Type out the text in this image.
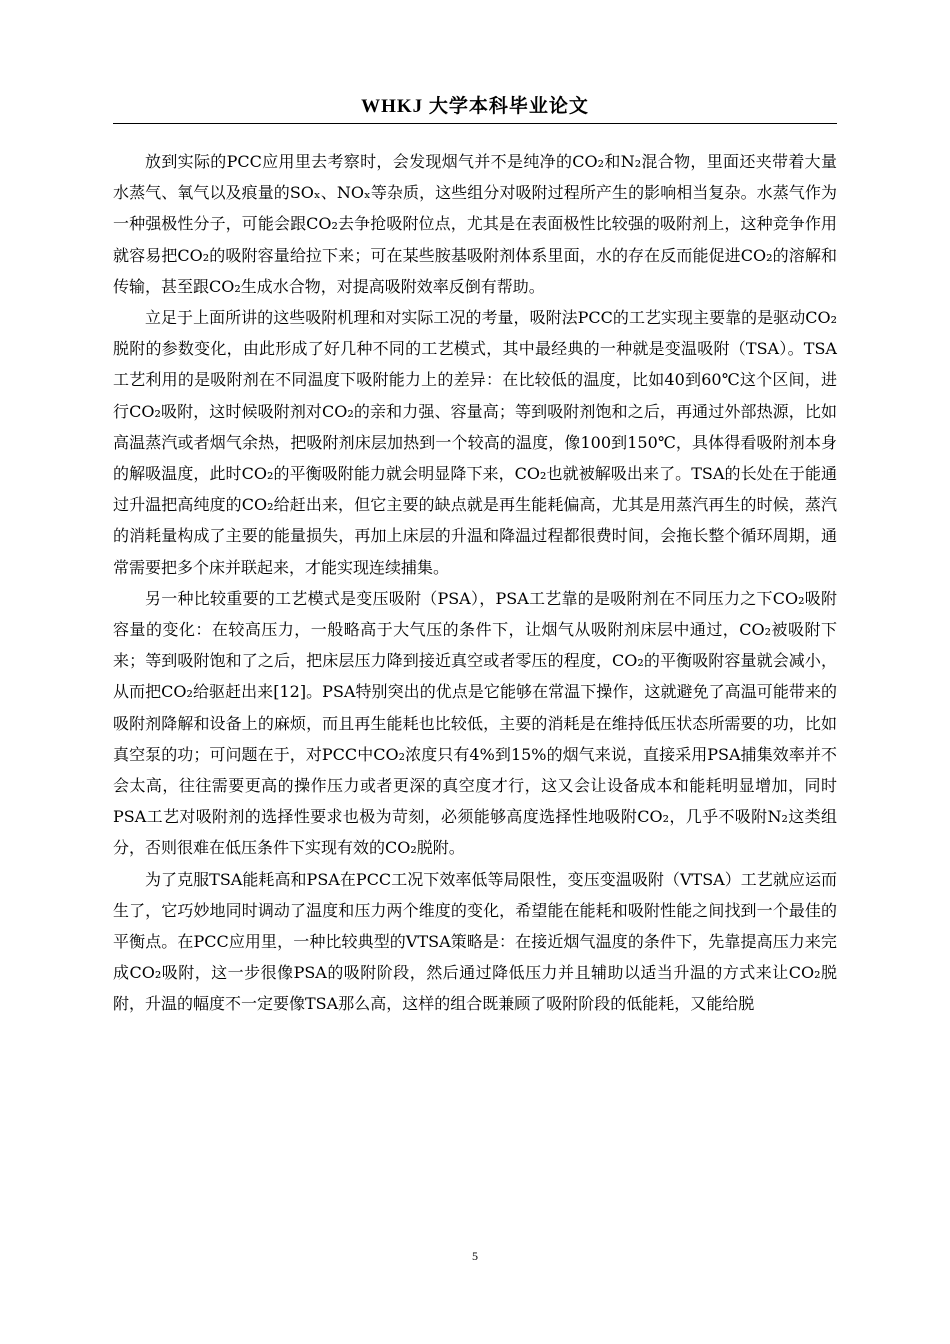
WHKJ 大学本科毕业论文

放到实际的PCC应用里去考察时，会发现烟气并不是纯净的CO₂和N₂混合物，里面还夹带着大量水蒸气、氧气以及痕量的SOₓ、NOₓ等杂质，这些组分对吸附过程所产生的影响相当复杂。水蒸气作为一种强极性分子，可能会跟CO₂去争抢吸附位点，尤其是在表面极性比较强的吸附剂上，这种竞争作用就容易把CO₂的吸附容量给拉下来；可在某些胺基吸附剂体系里面，水的存在反而能促进CO₂的溶解和传输，甚至跟CO₂生成水合物，对提高吸附效率反倒有帮助。

立足于上面所讲的这些吸附机理和对实际工况的考量，吸附法PCC的工艺实现主要靠的是驱动CO₂脱附的参数变化，由此形成了好几种不同的工艺模式，其中最经典的一种就是变温吸附（TSA）。TSA工艺利用的是吸附剂在不同温度下吸附能力上的差异：在比较低的温度，比如40到60℃这个区间，进行CO₂吸附，这时候吸附剂对CO₂的亲和力强、容量高；等到吸附剂饱和之后，再通过外部热源，比如高温蒸汽或者烟气余热，把吸附剂床层加热到一个较高的温度，像100到150℃，具体得看吸附剂本身的解吸温度，此时CO₂的平衡吸附能力就会明显降下来，CO₂也就被解吸出来了。TSA的长处在于能通过升温把高纯度的CO₂给赶出来，但它主要的缺点就是再生能耗偏高，尤其是用蒸汽再生的时候，蒸汽的消耗量构成了主要的能量损失，再加上床层的升温和降温过程都很费时间，会拖长整个循环周期，通常需要把多个床并联起来，才能实现连续捕集。

另一种比较重要的工艺模式是变压吸附（PSA），PSA工艺靠的是吸附剂在不同压力之下CO₂吸附容量的变化：在较高压力，一般略高于大气压的条件下，让烟气从吸附剂床层中通过，CO₂被吸附下来；等到吸附饱和了之后，把床层压力降到接近真空或者零压的程度，CO₂的平衡吸附容量就会减小，从而把CO₂给驱赶出来[12]。PSA特别突出的优点是它能够在常温下操作，这就避免了高温可能带来的吸附剂降解和设备上的麻烦，而且再生能耗也比较低，主要的消耗是在维持低压状态所需要的功，比如真空泵的功；可问题在于，对PCC中CO₂浓度只有4%到15%的烟气来说，直接采用PSA捕集效率并不会太高，往往需要更高的操作压力或者更深的真空度才行，这又会让设备成本和能耗明显增加，同时PSA工艺对吸附剂的选择性要求也极为苛刻，必须能够高度选择性地吸附CO₂，几乎不吸附N₂这类组分，否则很难在低压条件下实现有效的CO₂脱附。

为了克服TSA能耗高和PSA在PCC工况下效率低等局限性，变压变温吸附（VTSA）工艺就应运而生了，它巧妙地同时调动了温度和压力两个维度的变化，希望能在能耗和吸附性能之间找到一个最佳的平衡点。在PCC应用里，一种比较典型的VTSA策略是：在接近烟气温度的条件下，先靠提高压力来完成CO₂吸附，这一步很像PSA的吸附阶段，然后通过降低压力并且辅助以适当升温的方式来让CO₂脱附，升温的幅度不一定要像TSA那么高，这样的组合既兼顾了吸附阶段的低能耗，又能给脱

5
